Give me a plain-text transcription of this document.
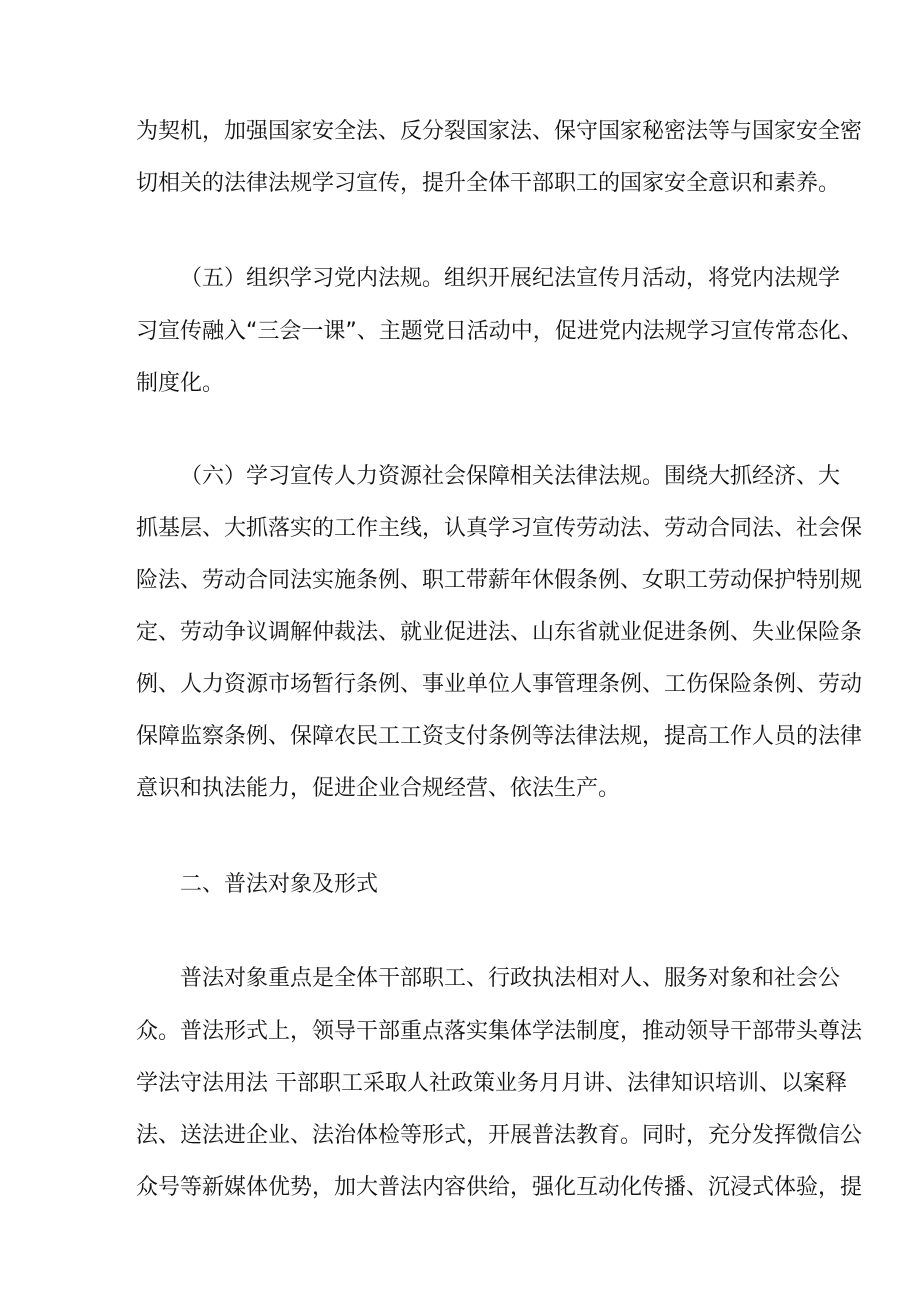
为契机，加强国家安全法、反分裂国家法、保守国家秘密法等与国家安全密

切相关的法律法规学习宣传，提升全体干部职工的国家安全意识和素养。

（五）组织学习党内法规。组织开展纪法宣传月活动，将党内法规学

习宣传融入“三会一课”、主题党日活动中，促进党内法规学习宣传常态化、

制度化。

（六）学习宣传人力资源社会保障相关法律法规。围绕大抓经济、大

抓基层、大抓落实的工作主线，认真学习宣传劳动法、劳动合同法、社会保

险法、劳动合同法实施条例、职工带薪年休假条例、女职工劳动保护特别规

定、劳动争议调解仲裁法、就业促进法、山东省就业促进条例、失业保险条

例、人力资源市场暂行条例、事业单位人事管理条例、工伤保险条例、劳动

保障监察条例、保障农民工工资支付条例等法律法规，提高工作人员的法律

意识和执法能力，促进企业合规经营、依法生产。

二、普法对象及形式

普法对象重点是全体干部职工、行政执法相对人、服务对象和社会公

众。普法形式上，领导干部重点落实集体学法制度，推动领导干部带头尊法

学法守法用法 干部职工采取人社政策业务月月讲、法律知识培训、以案释

法、送法进企业、法治体检等形式，开展普法教育。同时，充分发挥微信公

众号等新媒体优势，加大普法内容供给，强化互动化传播、沉浸式体验，提
